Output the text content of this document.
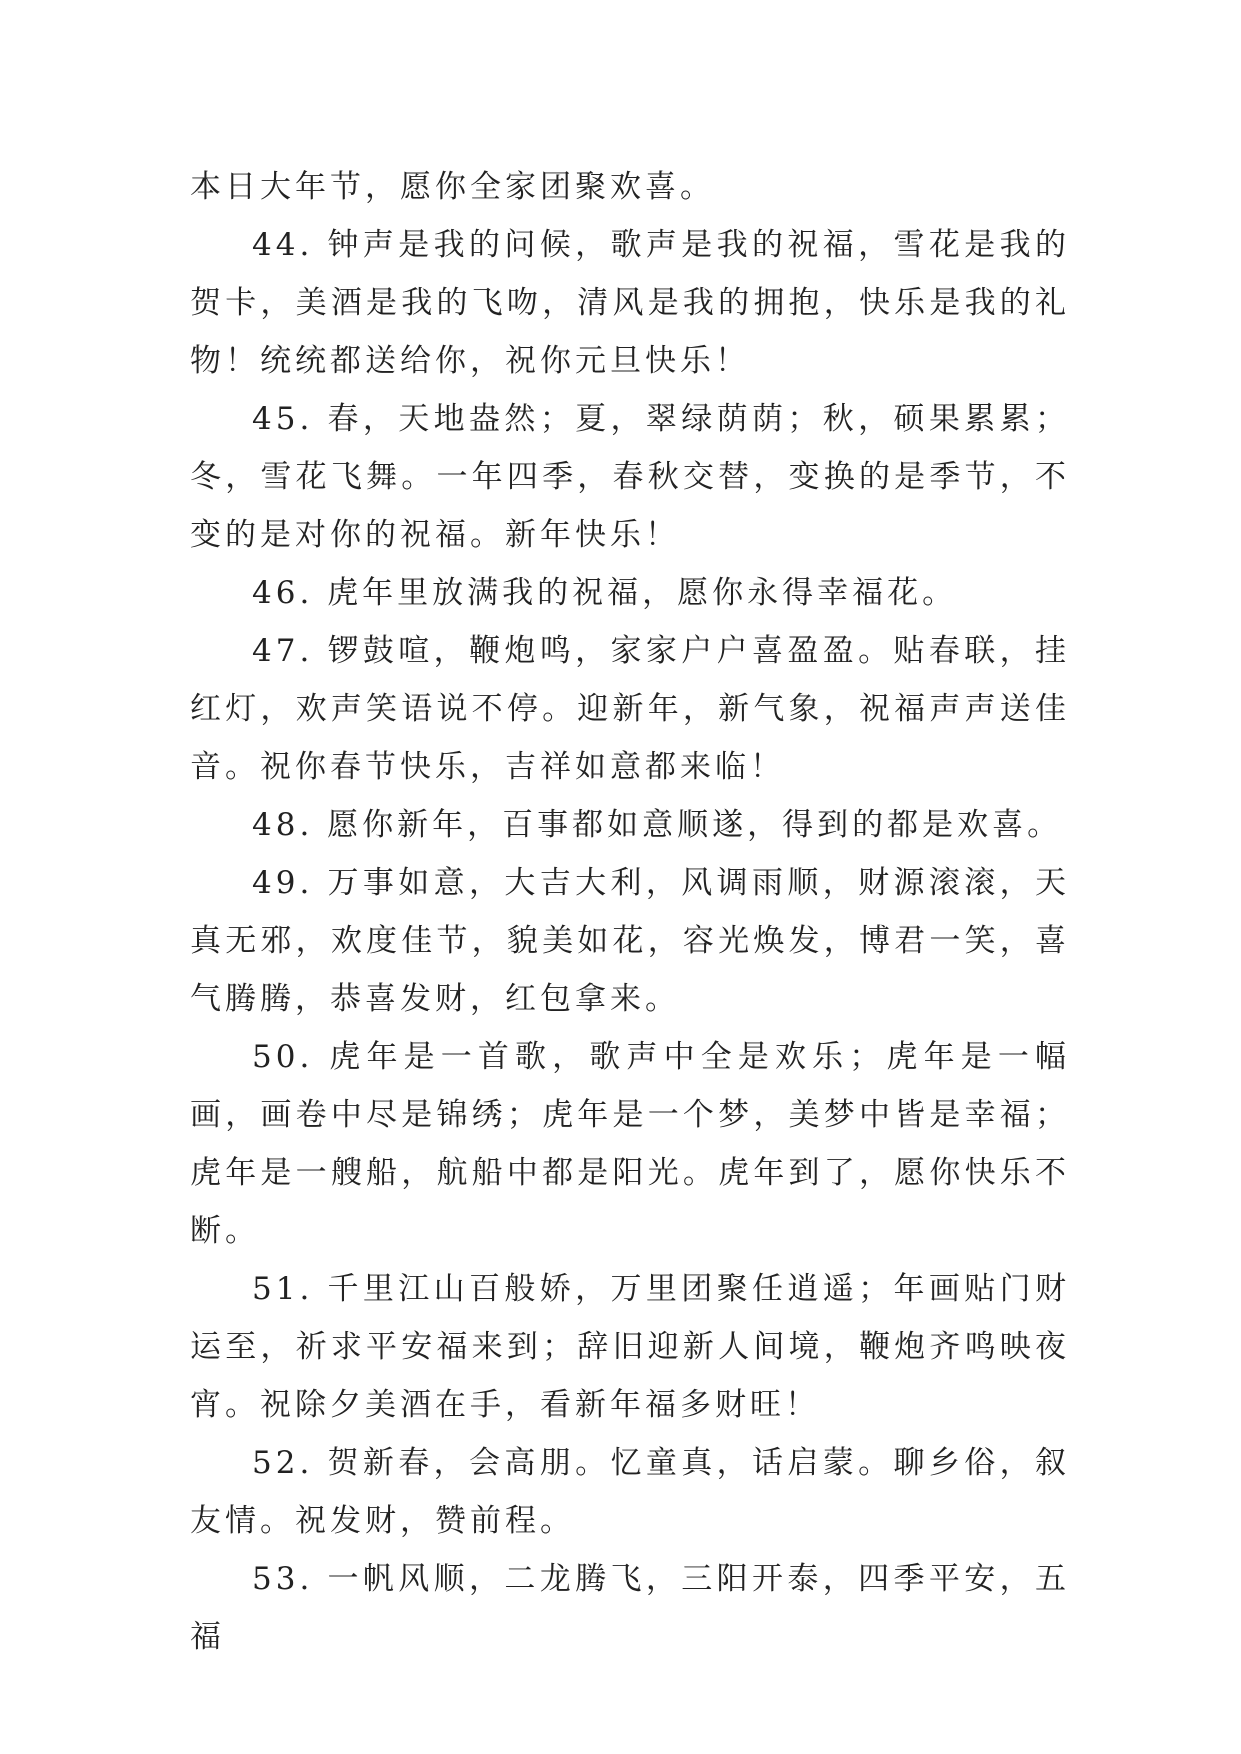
本日大年节，愿你全家团聚欢喜。

44. 钟声是我的问候，歌声是我的祝福，雪花是我的贺卡，美酒是我的飞吻，清风是我的拥抱，快乐是我的礼物！统统都送给你，祝你元旦快乐！

45. 春，天地盎然；夏，翠绿荫荫；秋，硕果累累；冬，雪花飞舞。一年四季，春秋交替，变换的是季节，不变的是对你的祝福。新年快乐！

46. 虎年里放满我的祝福，愿你永得幸福花。

47. 锣鼓喧，鞭炮鸣，家家户户喜盈盈。贴春联，挂红灯，欢声笑语说不停。迎新年，新气象，祝福声声送佳音。祝你春节快乐，吉祥如意都来临！

48. 愿你新年，百事都如意顺遂，得到的都是欢喜。

49. 万事如意，大吉大利，风调雨顺，财源滚滚，天真无邪，欢度佳节，貌美如花，容光焕发，博君一笑，喜气腾腾，恭喜发财，红包拿来。

50. 虎年是一首歌，歌声中全是欢乐；虎年是一幅画，画卷中尽是锦绣；虎年是一个梦，美梦中皆是幸福；虎年是一艘船，航船中都是阳光。虎年到了，愿你快乐不断。

51. 千里江山百般娇，万里团聚任逍遥；年画贴门财运至，祈求平安福来到；辞旧迎新人间境，鞭炮齐鸣映夜宵。祝除夕美酒在手，看新年福多财旺！

52. 贺新春，会高朋。忆童真，话启蒙。聊乡俗，叙友情。祝发财，赞前程。

53. 一帆风顺，二龙腾飞，三阳开泰，四季平安，五福
